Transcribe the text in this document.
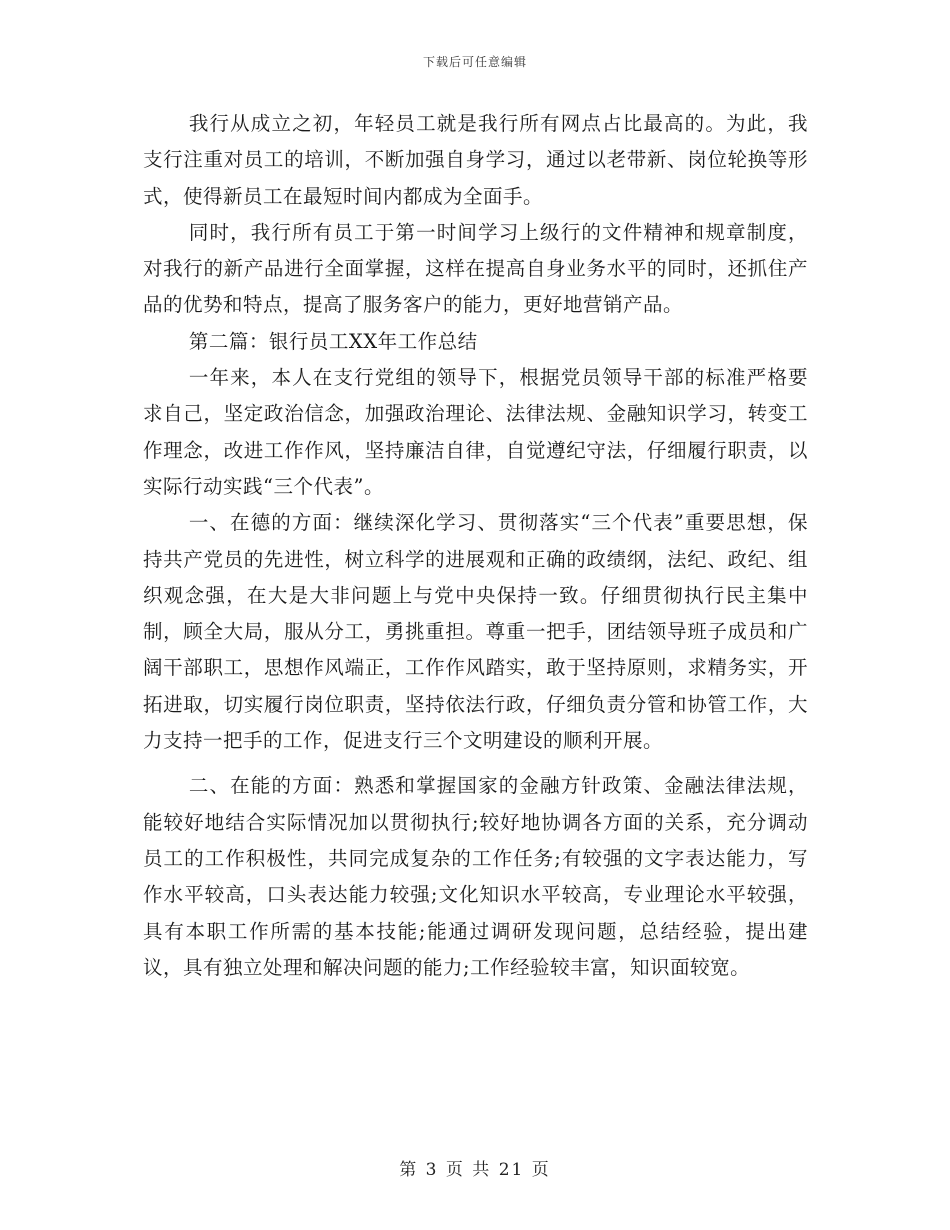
下载后可任意编辑

我行从成立之初，年轻员工就是我行所有网点占比最高的。为此，我支行注重对员工的培训，不断加强自身学习，通过以老带新、岗位轮换等形式，使得新员工在最短时间内都成为全面手。

同时，我行所有员工于第一时间学习上级行的文件精神和规章制度，对我行的新产品进行全面掌握，这样在提高自身业务水平的同时，还抓住产品的优势和特点，提高了服务客户的能力，更好地营销产品。

第二篇：银行员工XX年工作总结

一年来，本人在支行党组的领导下，根据党员领导干部的标准严格要求自己，坚定政治信念，加强政治理论、法律法规、金融知识学习，转变工作理念，改进工作作风，坚持廉洁自律，自觉遵纪守法，仔细履行职责，以实际行动实践“三个代表”。

一、在德的方面：继续深化学习、贯彻落实“三个代表”重要思想，保持共产党员的先进性，树立科学的进展观和正确的政绩纲，法纪、政纪、组织观念强，在大是大非问题上与党中央保持一致。仔细贯彻执行民主集中制，顾全大局，服从分工，勇挑重担。尊重一把手，团结领导班子成员和广阔干部职工，思想作风端正，工作作风踏实，敢于坚持原则，求精务实，开拓进取，切实履行岗位职责，坚持依法行政，仔细负责分管和协管工作，大力支持一把手的工作，促进支行三个文明建设的顺利开展。

二、在能的方面：熟悉和掌握国家的金融方针政策、金融法律法规，能较好地结合实际情况加以贯彻执行;较好地协调各方面的关系，充分调动员工的工作积极性，共同完成复杂的工作任务;有较强的文字表达能力，写作水平较高，口头表达能力较强;文化知识水平较高，专业理论水平较强，具有本职工作所需的基本技能;能通过调研发现问题，总结经验，提出建议，具有独立处理和解决问题的能力;工作经验较丰富，知识面较宽。

第 3 页 共 21 页
